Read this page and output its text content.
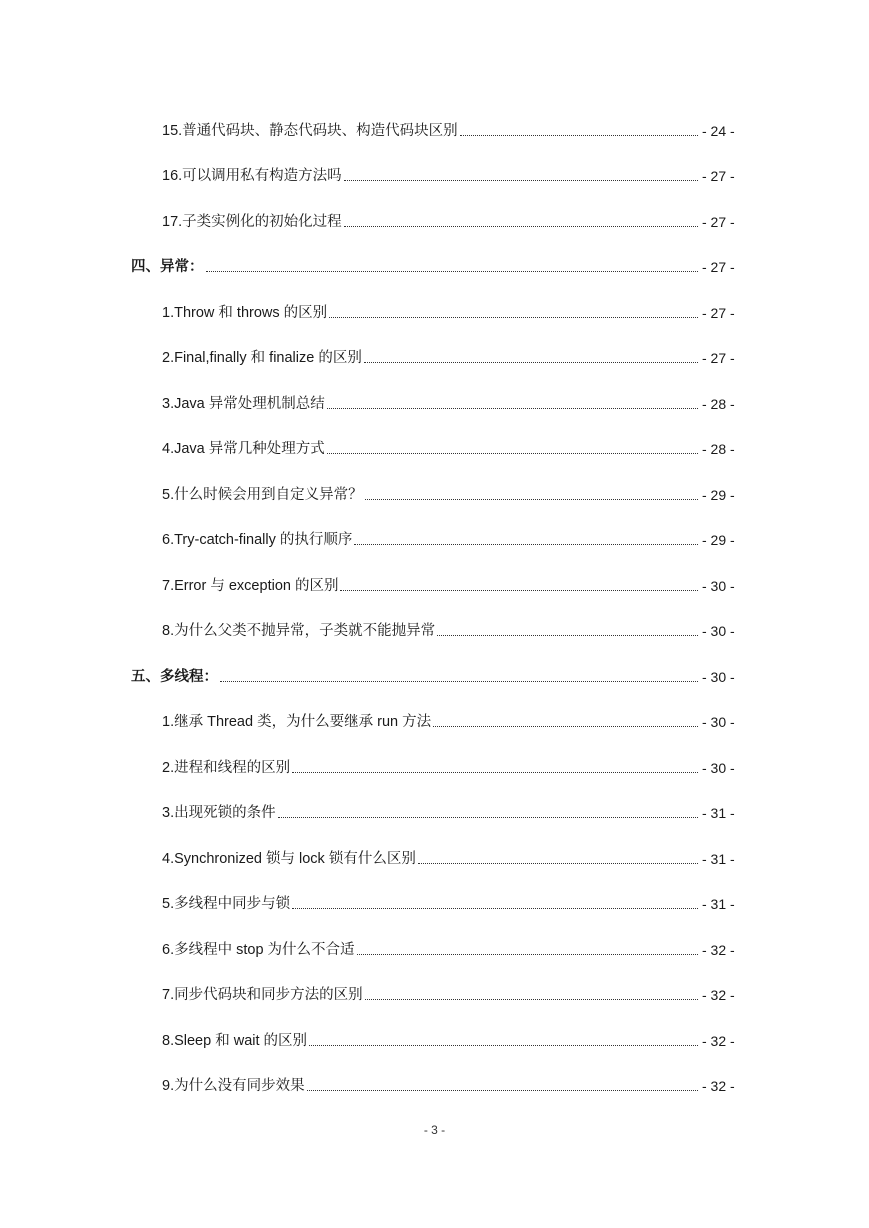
15.普通代码块、静态代码块、构造代码块区别	- 24 -
16.可以调用私有构造方法吗	- 27 -
17.子类实例化的初始化过程	- 27 -
四、异常：	- 27 -
1.Throw 和 throws 的区别	- 27 -
2.Final,finally 和 finalize 的区别	- 27 -
3.Java 异常处理机制总结	- 28 -
4.Java 异常几种处理方式	- 28 -
5.什么时候会用到自定义异常？	- 29 -
6.Try-catch-finally 的执行顺序	- 29 -
7.Error 与 exception 的区别	- 30 -
8.为什么父类不抛异常，子类就不能抛异常	- 30 -
五、多线程：	- 30 -
1.继承 Thread 类，为什么要继承 run 方法	- 30 -
2.进程和线程的区别	- 30 -
3.出现死锁的条件	- 31 -
4.Synchronized 锁与 lock 锁有什么区别	- 31 -
5.多线程中同步与锁	- 31 -
6.多线程中 stop 为什么不合适	- 32 -
7.同步代码块和同步方法的区别	- 32 -
8.Sleep 和 wait 的区别	- 32 -
9.为什么没有同步效果	- 32 -
- 3 -
